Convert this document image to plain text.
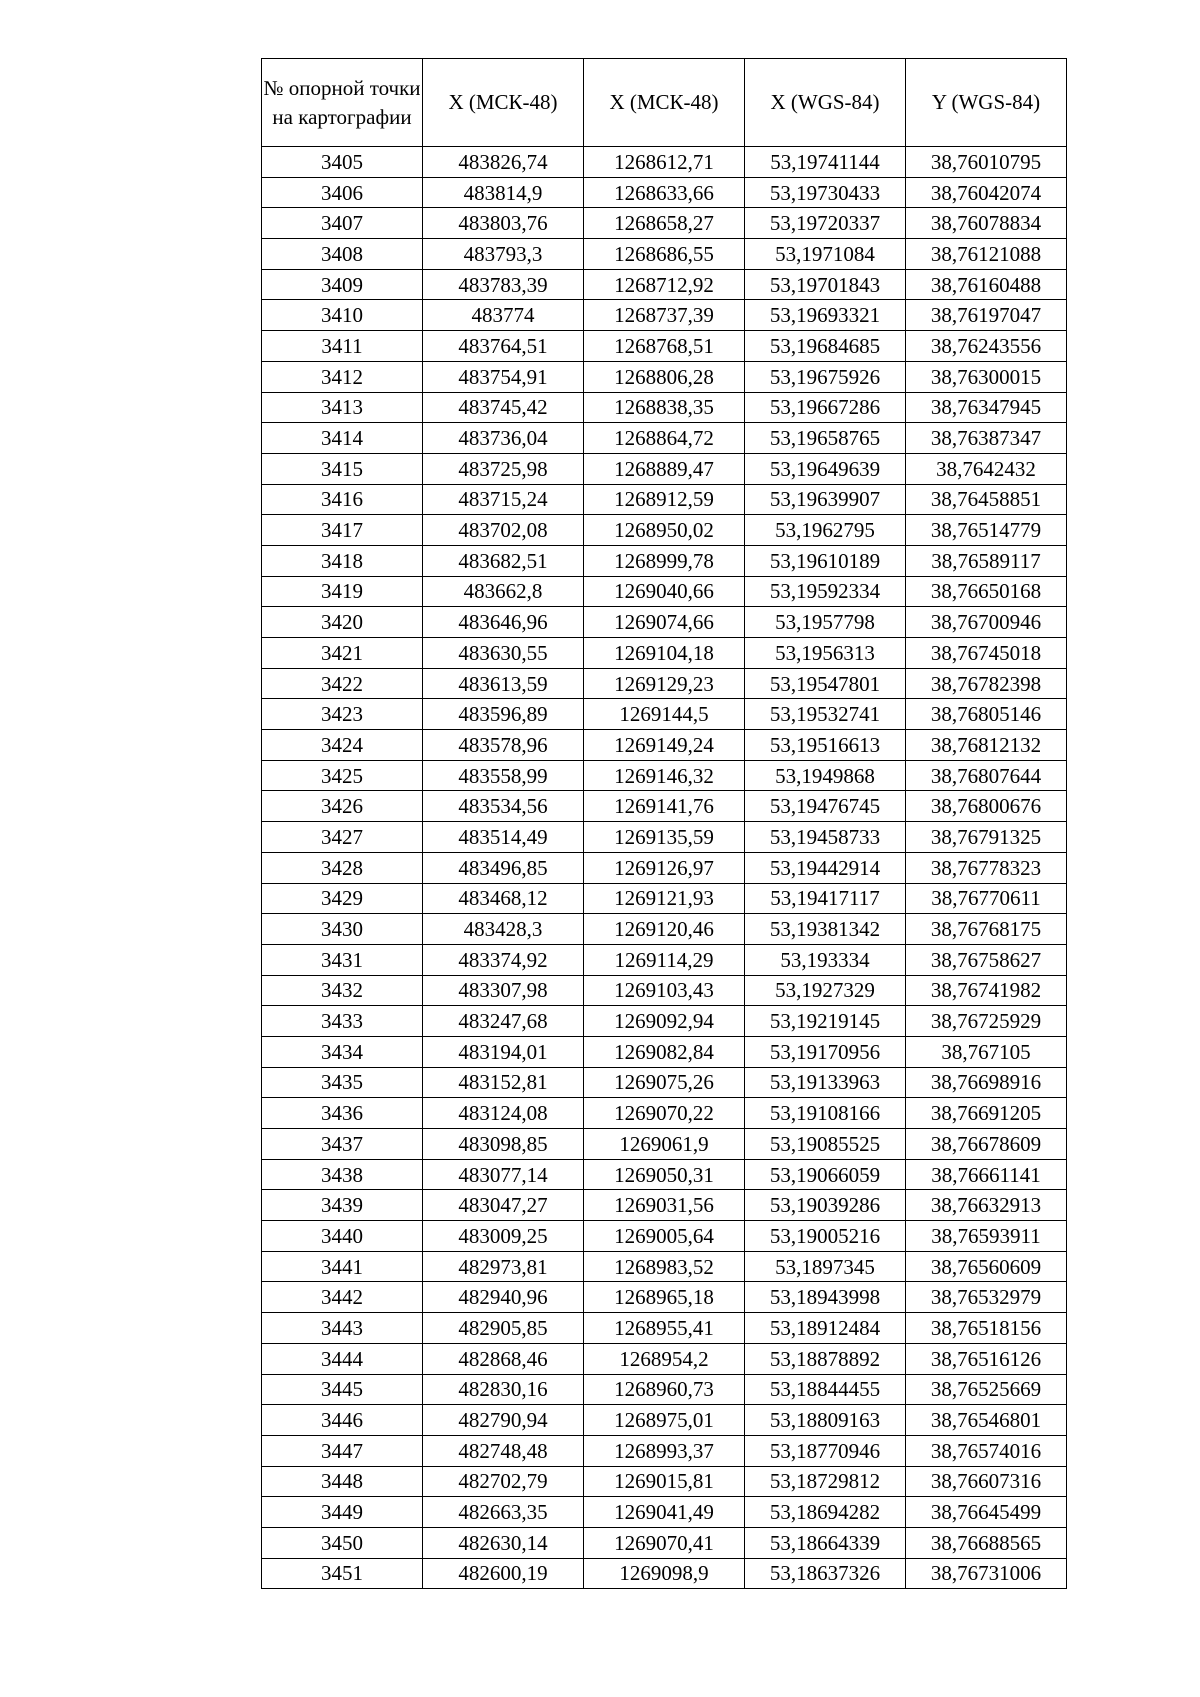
№ опорной точки на картографии	X (МСК-48)	X (МСК-48)	X (WGS-84)	Y (WGS-84)
3405	483826,74	1268612,71	53,19741144	38,76010795
3406	483814,9	1268633,66	53,19730433	38,76042074
3407	483803,76	1268658,27	53,19720337	38,76078834
3408	483793,3	1268686,55	53,1971084	38,76121088
3409	483783,39	1268712,92	53,19701843	38,76160488
3410	483774	1268737,39	53,19693321	38,76197047
3411	483764,51	1268768,51	53,19684685	38,76243556
3412	483754,91	1268806,28	53,19675926	38,76300015
3413	483745,42	1268838,35	53,19667286	38,76347945
3414	483736,04	1268864,72	53,19658765	38,76387347
3415	483725,98	1268889,47	53,19649639	38,7642432
3416	483715,24	1268912,59	53,19639907	38,76458851
3417	483702,08	1268950,02	53,1962795	38,76514779
3418	483682,51	1268999,78	53,19610189	38,76589117
3419	483662,8	1269040,66	53,19592334	38,76650168
3420	483646,96	1269074,66	53,1957798	38,76700946
3421	483630,55	1269104,18	53,1956313	38,76745018
3422	483613,59	1269129,23	53,19547801	38,76782398
3423	483596,89	1269144,5	53,19532741	38,76805146
3424	483578,96	1269149,24	53,19516613	38,76812132
3425	483558,99	1269146,32	53,1949868	38,76807644
3426	483534,56	1269141,76	53,19476745	38,76800676
3427	483514,49	1269135,59	53,19458733	38,76791325
3428	483496,85	1269126,97	53,19442914	38,76778323
3429	483468,12	1269121,93	53,19417117	38,76770611
3430	483428,3	1269120,46	53,19381342	38,76768175
3431	483374,92	1269114,29	53,193334	38,76758627
3432	483307,98	1269103,43	53,1927329	38,76741982
3433	483247,68	1269092,94	53,19219145	38,76725929
3434	483194,01	1269082,84	53,19170956	38,767105
3435	483152,81	1269075,26	53,19133963	38,76698916
3436	483124,08	1269070,22	53,19108166	38,76691205
3437	483098,85	1269061,9	53,19085525	38,76678609
3438	483077,14	1269050,31	53,19066059	38,76661141
3439	483047,27	1269031,56	53,19039286	38,76632913
3440	483009,25	1269005,64	53,19005216	38,76593911
3441	482973,81	1268983,52	53,1897345	38,76560609
3442	482940,96	1268965,18	53,18943998	38,76532979
3443	482905,85	1268955,41	53,18912484	38,76518156
3444	482868,46	1268954,2	53,18878892	38,76516126
3445	482830,16	1268960,73	53,18844455	38,76525669
3446	482790,94	1268975,01	53,18809163	38,76546801
3447	482748,48	1268993,37	53,18770946	38,76574016
3448	482702,79	1269015,81	53,18729812	38,76607316
3449	482663,35	1269041,49	53,18694282	38,76645499
3450	482630,14	1269070,41	53,18664339	38,76688565
3451	482600,19	1269098,9	53,18637326	38,76731006
